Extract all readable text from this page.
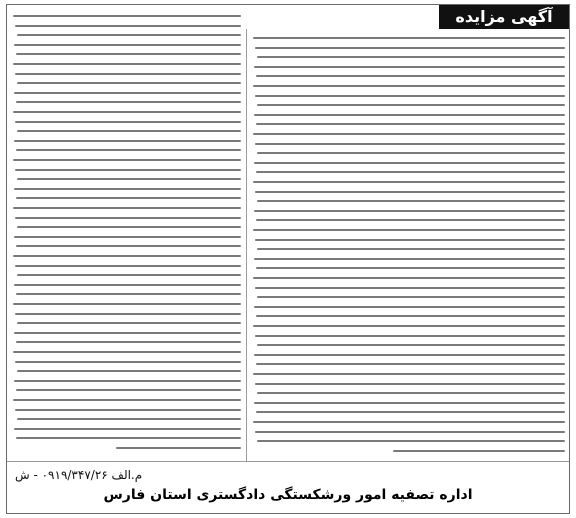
آگهی مزایده
م.الف ۰۹۱۹/۳۴۷/۲۶ - ش
اداره تصفیه امور ورشکستگی دادگستری استان فارس
